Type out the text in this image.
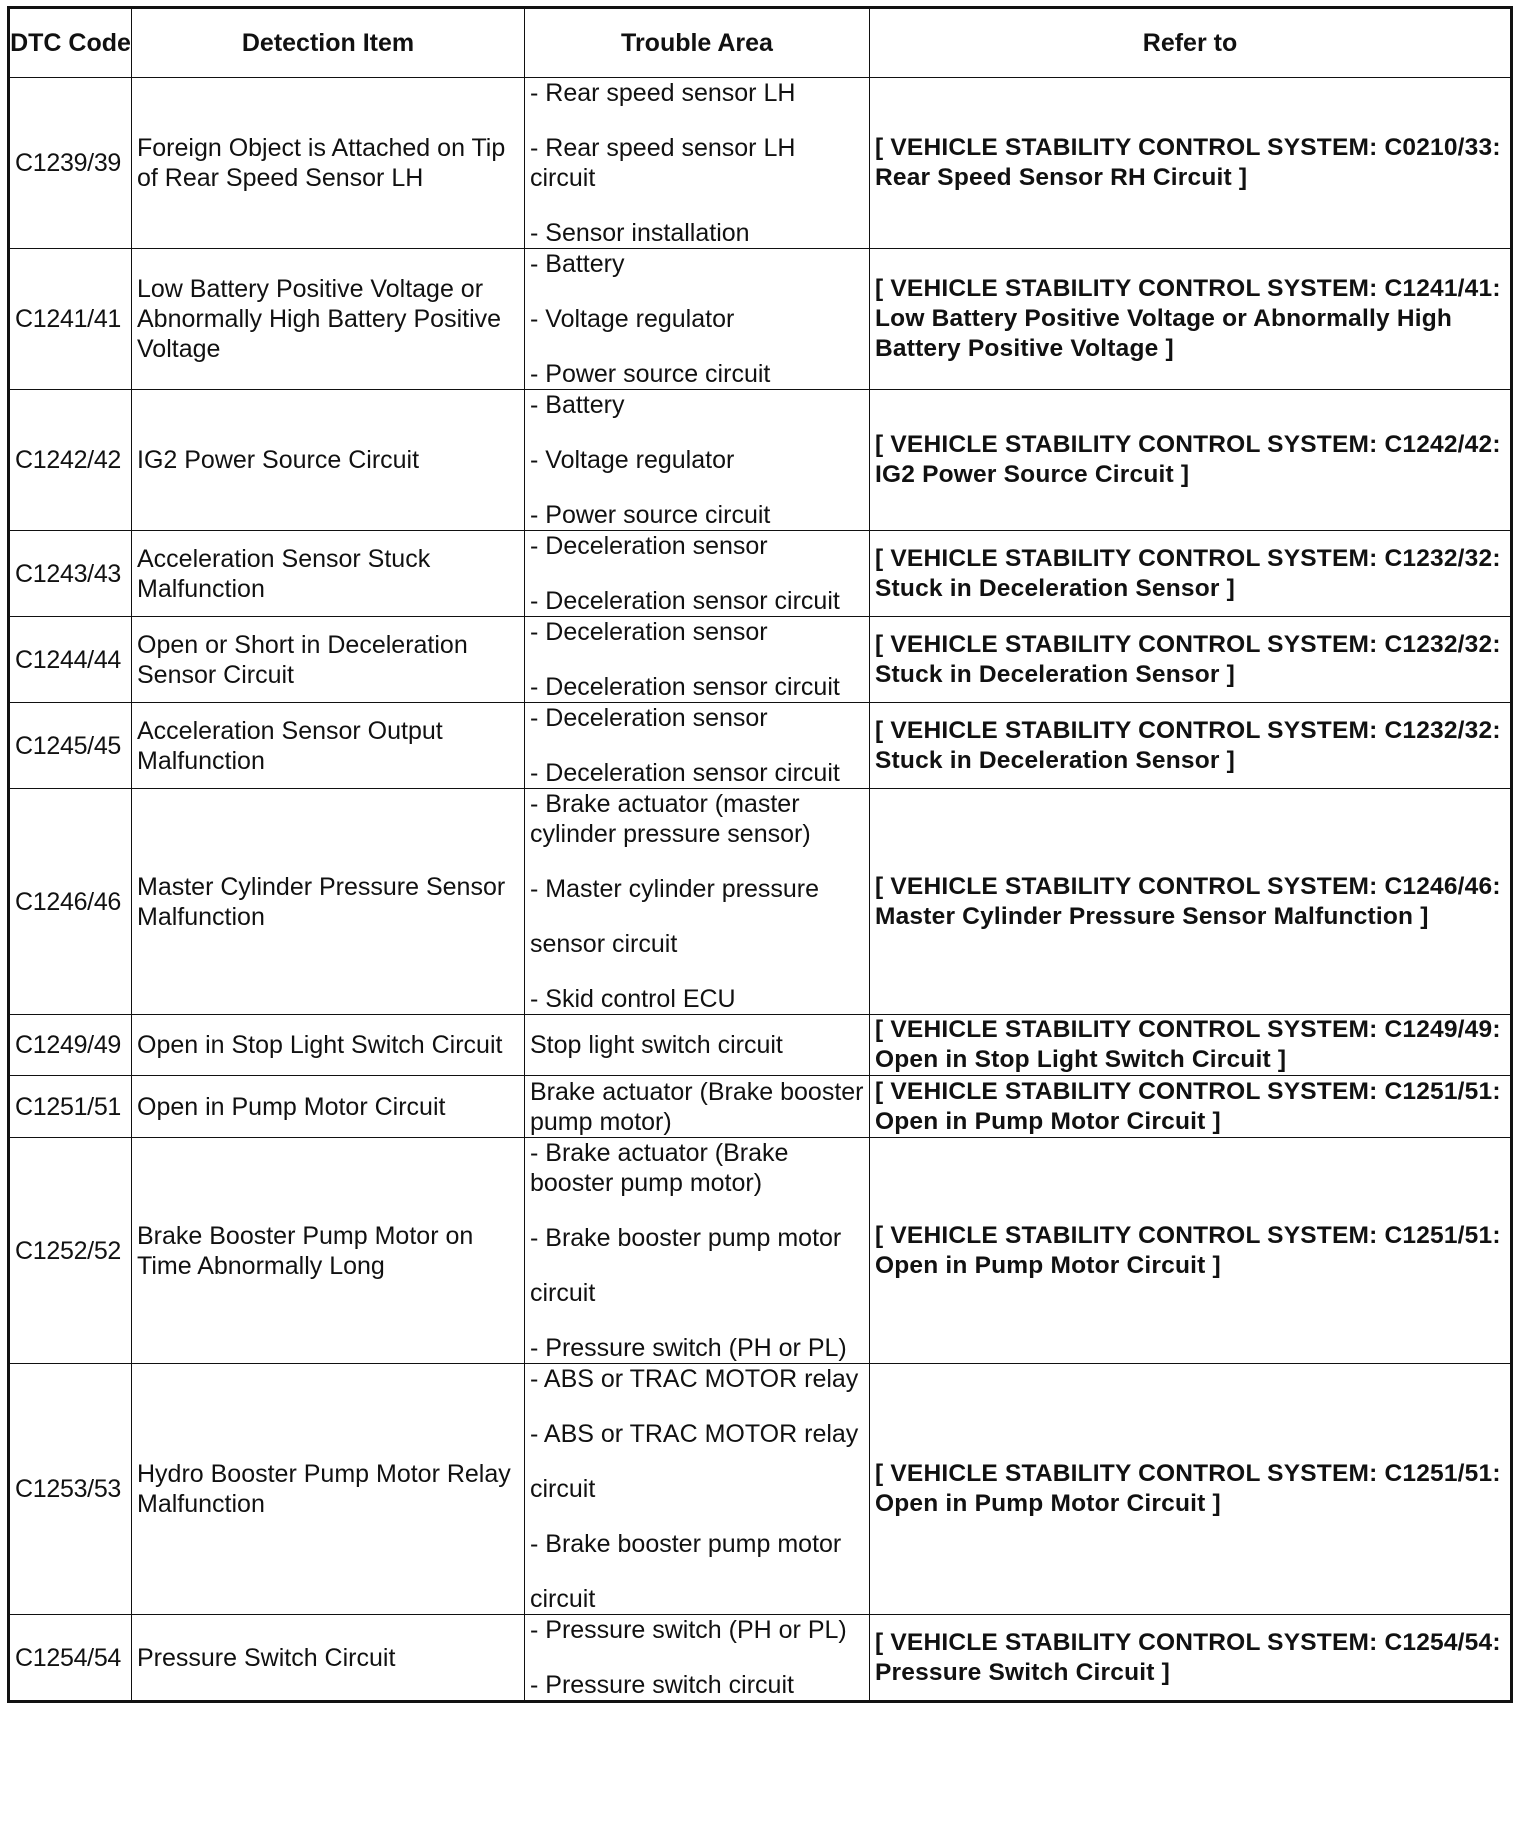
DTC Code	Detection Item	Trouble Area	Refer to
C1239/39	Foreign Object is Attached on Tip of Rear Speed Sensor LH	- Rear speed sensor LH
- Rear speed sensor LH
circuit
- Sensor installation	[ VEHICLE STABILITY CONTROL SYSTEM: C0210/33: Rear Speed Sensor RH Circuit ]
C1241/41	Low Battery Positive Voltage or Abnormally High Battery Positive Voltage	- Battery
- Voltage regulator
- Power source circuit	[ VEHICLE STABILITY CONTROL SYSTEM: C1241/41: Low Battery Positive Voltage or Abnormally High Battery Positive Voltage ]
C1242/42	IG2 Power Source Circuit	- Battery
- Voltage regulator
- Power source circuit	[ VEHICLE STABILITY CONTROL SYSTEM: C1242/42: IG2 Power Source Circuit ]
C1243/43	Acceleration Sensor Stuck Malfunction	- Deceleration sensor
- Deceleration sensor circuit	[ VEHICLE STABILITY CONTROL SYSTEM: C1232/32: Stuck in Deceleration Sensor ]
C1244/44	Open or Short in Deceleration Sensor Circuit	- Deceleration sensor
- Deceleration sensor circuit	[ VEHICLE STABILITY CONTROL SYSTEM: C1232/32: Stuck in Deceleration Sensor ]
C1245/45	Acceleration Sensor Output Malfunction	- Deceleration sensor
- Deceleration sensor circuit	[ VEHICLE STABILITY CONTROL SYSTEM: C1232/32: Stuck in Deceleration Sensor ]
C1246/46	Master Cylinder Pressure Sensor Malfunction	- Brake actuator (master
cylinder pressure sensor)
- Master cylinder pressure
sensor circuit
- Skid control ECU	[ VEHICLE STABILITY CONTROL SYSTEM: C1246/46: Master Cylinder Pressure Sensor Malfunction ]
C1249/49	Open in Stop Light Switch Circuit	Stop light switch circuit	[ VEHICLE STABILITY CONTROL SYSTEM: C1249/49: Open in Stop Light Switch Circuit ]
C1251/51	Open in Pump Motor Circuit	Brake actuator (Brake booster
pump motor)	[ VEHICLE STABILITY CONTROL SYSTEM: C1251/51: Open in Pump Motor Circuit ]
C1252/52	Brake Booster Pump Motor on Time Abnormally Long	- Brake actuator (Brake
booster pump motor)
- Brake booster pump motor
circuit
- Pressure switch (PH or PL)	[ VEHICLE STABILITY CONTROL SYSTEM: C1251/51: Open in Pump Motor Circuit ]
C1253/53	Hydro Booster Pump Motor Relay Malfunction	- ABS or TRAC MOTOR relay
- ABS or TRAC MOTOR relay
circuit
- Brake booster pump motor
circuit	[ VEHICLE STABILITY CONTROL SYSTEM: C1251/51: Open in Pump Motor Circuit ]
C1254/54	Pressure Switch Circuit	- Pressure switch (PH or PL)
- Pressure switch circuit	[ VEHICLE STABILITY CONTROL SYSTEM: C1254/54: Pressure Switch Circuit ]
